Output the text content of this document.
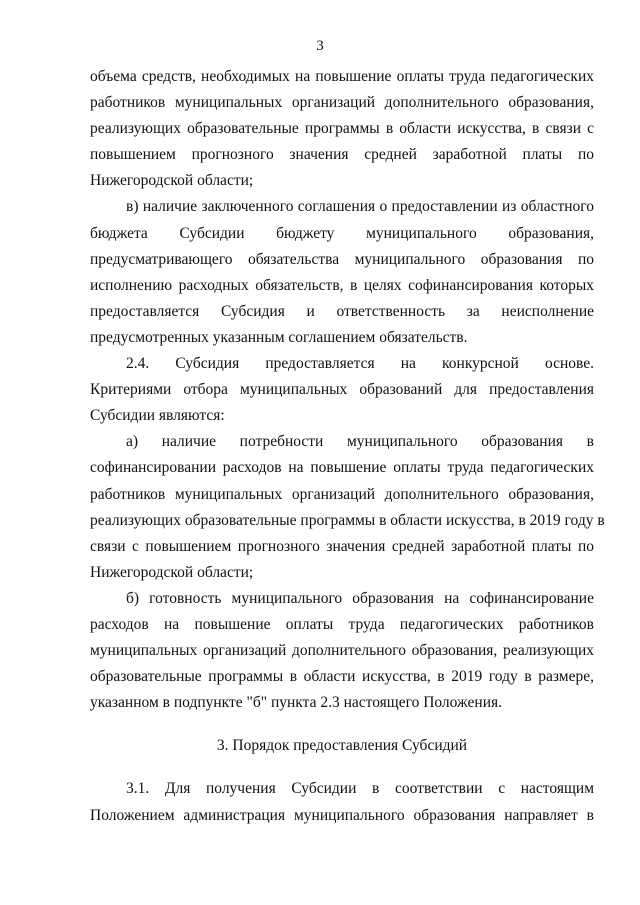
3
объема средств, необходимых на повышение оплаты труда педагогических
работников муниципальных организаций дополнительного образования,
реализующих образовательные программы в области искусства, в связи с
повышением прогнозного значения средней заработной платы по
Нижегородской области;
в) наличие заключенного соглашения о предоставлении из областного
бюджета Субсидии бюджету муниципального образования,
предусматривающего обязательства муниципального образования по
исполнению расходных обязательств, в целях софинансирования которых
предоставляется Субсидия и ответственность за неисполнение
предусмотренных указанным соглашением обязательств.
2.4. Субсидия предоставляется на конкурсной основе.
Критериями отбора муниципальных образований для предоставления
Субсидии являются:
а) наличие потребности муниципального образования в
софинансировании расходов на повышение оплаты труда педагогических
работников муниципальных организаций дополнительного образования,
реализующих образовательные программы в области искусства, в 2019 году в
связи с повышением прогнозного значения средней заработной платы по
Нижегородской области;
б) готовность муниципального образования на софинансирование
расходов на повышение оплаты труда педагогических работников
муниципальных организаций дополнительного образования, реализующих
образовательные программы в области искусства, в 2019 году в размере,
указанном в подпункте "б" пункта 2.3 настоящего Положения.
3. Порядок предоставления Субсидий
3.1. Для получения Субсидии в соответствии с настоящим
Положением администрация муниципального образования направляет в
